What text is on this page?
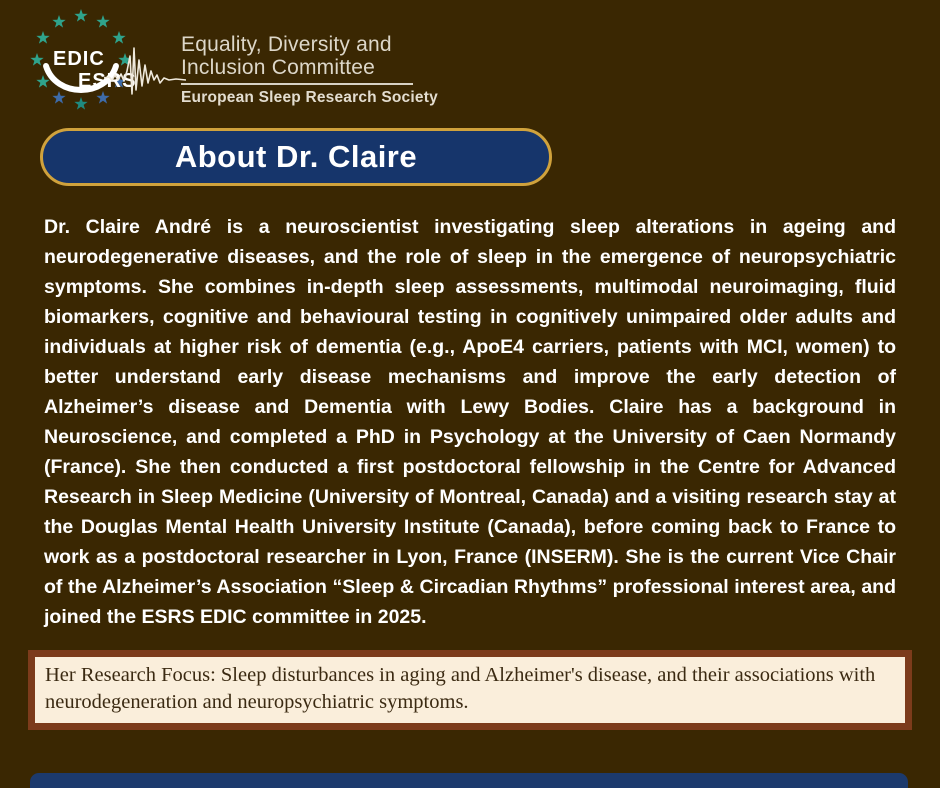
EDIC
ESRS
Equality, Diversity and
Inclusion Committee
European Sleep Research Society
About Dr. Claire

Dr. Claire André is a neuroscientist investigating sleep alterations in ageing and neurodegenerative diseases, and the role of sleep in the emergence of neuropsychiatric symptoms. She combines in-depth sleep assessments, multimodal neuroimaging, fluid biomarkers, cognitive and behavioural testing in cognitively unimpaired older adults and individuals at higher risk of dementia (e.g., ApoE4 carriers, patients with MCI, women) to better understand early disease mechanisms and improve the early detection of Alzheimer’s disease and Dementia with Lewy Bodies. Claire has a background in Neuroscience, and completed a PhD in Psychology at the University of Caen Normandy (France). She then conducted a first postdoctoral fellowship in the Centre for Advanced Research in Sleep Medicine (University of Montreal, Canada) and a visiting research stay at the Douglas Mental Health University Institute (Canada), before coming back to France to work as a postdoctoral researcher in Lyon, France (INSERM). She is the current Vice Chair of the Alzheimer’s Association “Sleep & Circadian Rhythms” professional interest area, and joined the ESRS EDIC committee in 2025.

Her Research Focus: Sleep disturbances in aging and Alzheimer's disease, and their associations with neurodegeneration and neuropsychiatric symptoms.
